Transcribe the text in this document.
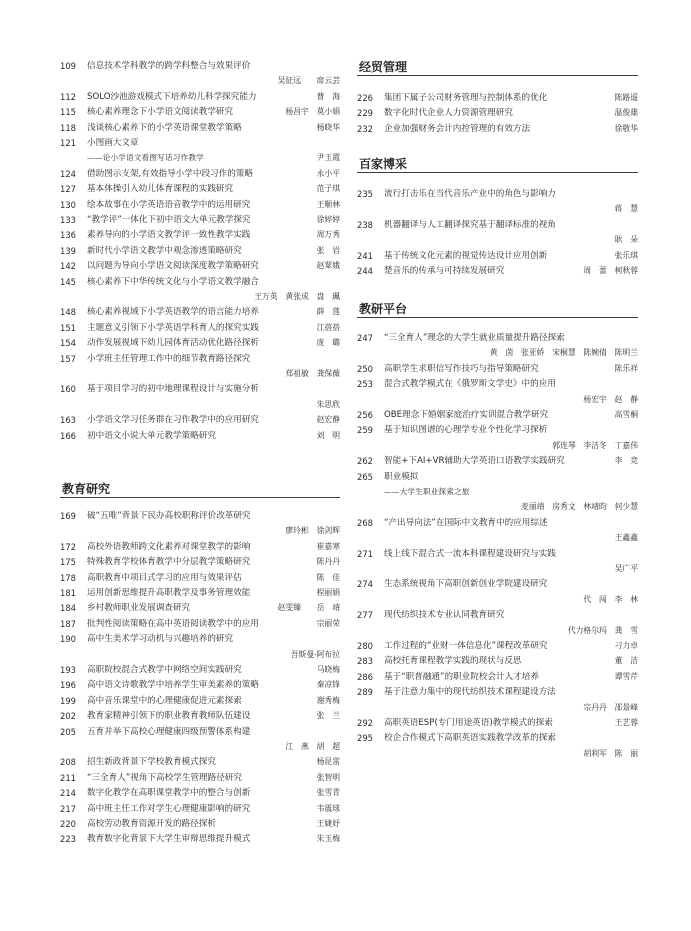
109	信息技术学科教学的跨学科整合与效果评价
吴征远　　席云芸
112	SOLO沙池游戏模式下培养幼儿科学探究能力	曹　海
115	核心素养理念下小学语文阅读教学研究	杨昌宇　莫小娟
118	浅谈核心素养下的小学英语课堂教学策略	杨晓华
121	小图画大文章
——论小学语文看图写话习作教学	尹玉霞
124	借助图示支架,有效指导小学中段习作的策略	永小平
127	基本体操引入幼儿体育课程的实践研究	范子琪
130	绘本故事在小学英语语音教学中的运用研究	王顺林
133	“教学评”一体化下初中语文大单元教学探究	徐婷婷
136	素养导向的小学语文教学评一致性教学实践	周万秀
139	新时代小学语文教学中观念渗透策略研究	张　岩
142	以问题为导向小学语文阅读深度教学策略研究	赵翠娥
145	核心素养下中华传统文化与小学语文教学融合
王万英　黄张成　盘　珮
148	核心素养视域下小学英语教学的语言能力培养	薛　莲
151	主题意义引领下小学英语学科育人的探究实践	江蓓蓓
154	动作发展视域下幼儿园体育活动优化路径探析	庞　璐
157	小学班主任管理工作中的细节教育路径探究
郑祖敏　龚保薇
160	基于项目学习的初中地理课程设计与实施分析
朱思欣
163	小学语文学习任务群在习作教学中的应用研究	赵宏静
166	初中语文小说大单元教学策略研究	刘　明
教育研究
169	破“五唯”背景下民办高校职称评价改革研究
廖玲彬　徐剑辉
172	高校外语教师跨文化素养对课堂教学的影响	崔嘉寒
175	特殊教育学校体育教学中分层教学策略研究	陈丹丹
178	高职教育中项目式学习的应用与效果评估	陈　佳
181	运用创新思维提升高职教学及事务管理效能	程丽娟
184	乡村教师职业发展调查研究	赵雯臻　　岳　靖
187	批判性阅读策略在高中英语阅读教学中的应用	宗丽荣
190	高中生美术学习动机与兴趣培养的研究
吾斯曼·阿布拉
193	高职院校混合式教学中网络空间实践研究	马晓梅
196	高中语文诗歌教学中培养学生审美素养的策略	秦凉锋
199	高中音乐课堂中的心理健康促进元素探索	谢秀梅
202	教育家精神引领下的职业教育教师队伍建设	张　兰
205	五育并举下高校心理健康四级预警体系构建
江　燕　胡　超
208	招生新政背景下学校教育模式探究	杨昆雷
211	“三全育人”视角下高校学生管理路径研究	张智明
214	数字化教学在高职课堂教学中的整合与创新	张雪青
217	高中班主任工作对学生心理健康影响的研究	韦震球
220	高校劳动教育资源开发的路径探析	王婕妤
223	教育数字化背景下大学生审辩思维提升模式	朱玉梅
经贸管理
226	集团下属子公司财务管理与控制体系的优化	陈路遥
229	数字化时代企业人力资源管理研究	温俊雄
232	企业加强财务会计内控管理的有效方法	徐敬华
百家博采
235	流行打击乐在当代音乐产业中的角色与影响力
蒋　慧
238	机器翻译与人工翻译探究基于翻译标准的视角
耿　朵
241	基于传统文化元素的视觉传达设计应用创新	张乐琪
244	楚音乐的传承与可持续发展研究	周　蕾　柯秋蓉
教研平台
247	“三全育人”理念的大学生就业质量提升路径探索
黄　茵　张亚娇　宋桐慧　陈婉倩　陈明兰
250	高职学生求职信写作技巧与指导策略研究	陈乐祥
253	混合式教学模式在《俄罗斯文学史》中的应用
杨宏宇　赵　静
256	OBE理念下婚姻家庭治疗实训混合教学研究	高雪桐
259	基于知识图谱的心理学专业个性化学习探析
郭连琴　李洁冬　丁嘉伟
262	智能+下AI+VR辅助大学英语口语教学实践研究	李　竞
265	职业模拟
——大学生职业探索之旅
麦丽靖　房秀文　林靖昀　何少慧
268	“产出导向法”在国际中文教育中的应用综述
王鑫鑫
271	线上线下混合式一流本科课程建设研究与实践
吴广平
274	生态系统视角下高职创新创业学院建设研究
代　闯　李　林
277	现代纺织技术专业认同教育研究
代力格尔玛　龚　雪
280	工作过程的“业财一体信息化”课程改革研究	刁力卓
283	高校托育课程教学实践的现状与反思	董　洁
286	基于“职普融通”的职业院校会计人才培养	谭雪芹
289	基于注意力集中的现代纺织技术课程建设方法
宗丹丹　邵景峰
292	高职英语ESP(专门用途英语)教学模式的探索	王艺蓉
295	校企合作模式下高职英语实践教学改革的探索
胡利军　陈　丽
